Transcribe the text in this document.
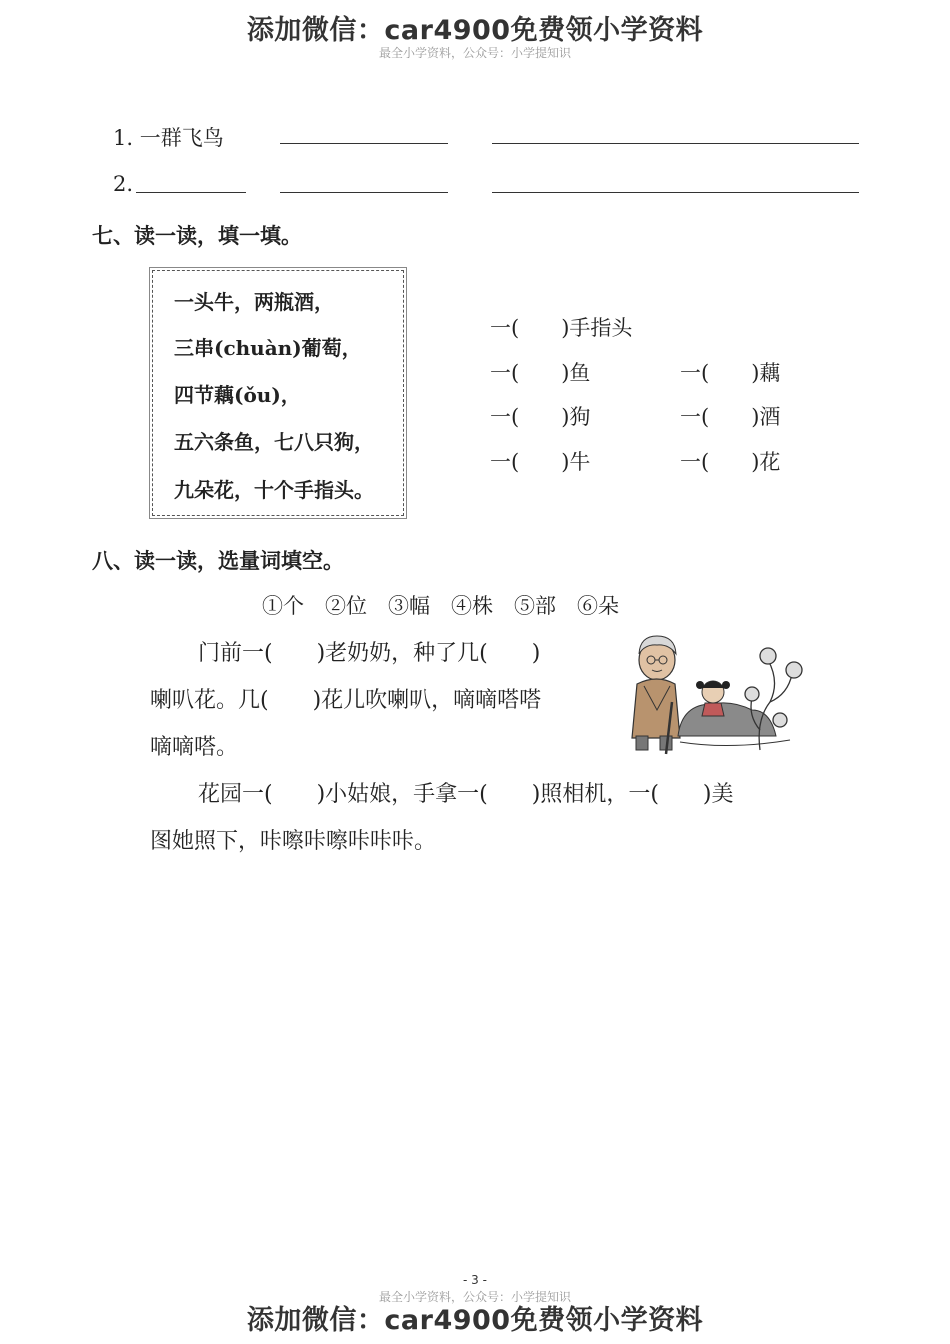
添加微信：car4900免费领小学资料
最全小学资料，公众号：小学提知识
1. 一群飞鸟
2.
七、读一读，填一填。
一头牛，两瓶酒，
三串(chuàn)葡萄，
四节藕(ǒu)，
五六条鱼，七八只狗，
九朵花，十个手指头。
一(　　)手指头
一(　　)鱼
一(　　)狗
一(　　)牛
一(　　)藕
一(　　)酒
一(　　)花
八、读一读，选量词填空。
①个　②位　③幅　④株　⑤部　⑥朵
门前一(　　)老奶奶，种了几(　　)
喇叭花。几(　　)花儿吹喇叭，嘀嘀嗒嗒
嘀嘀嗒。
花园一(　　)小姑娘，手拿一(　　)照相机，一(　　)美
图她照下，咔嚓咔嚓咔咔咔。
- 3 -
最全小学资料，公众号：小学提知识
添加微信：car4900免费领小学资料
